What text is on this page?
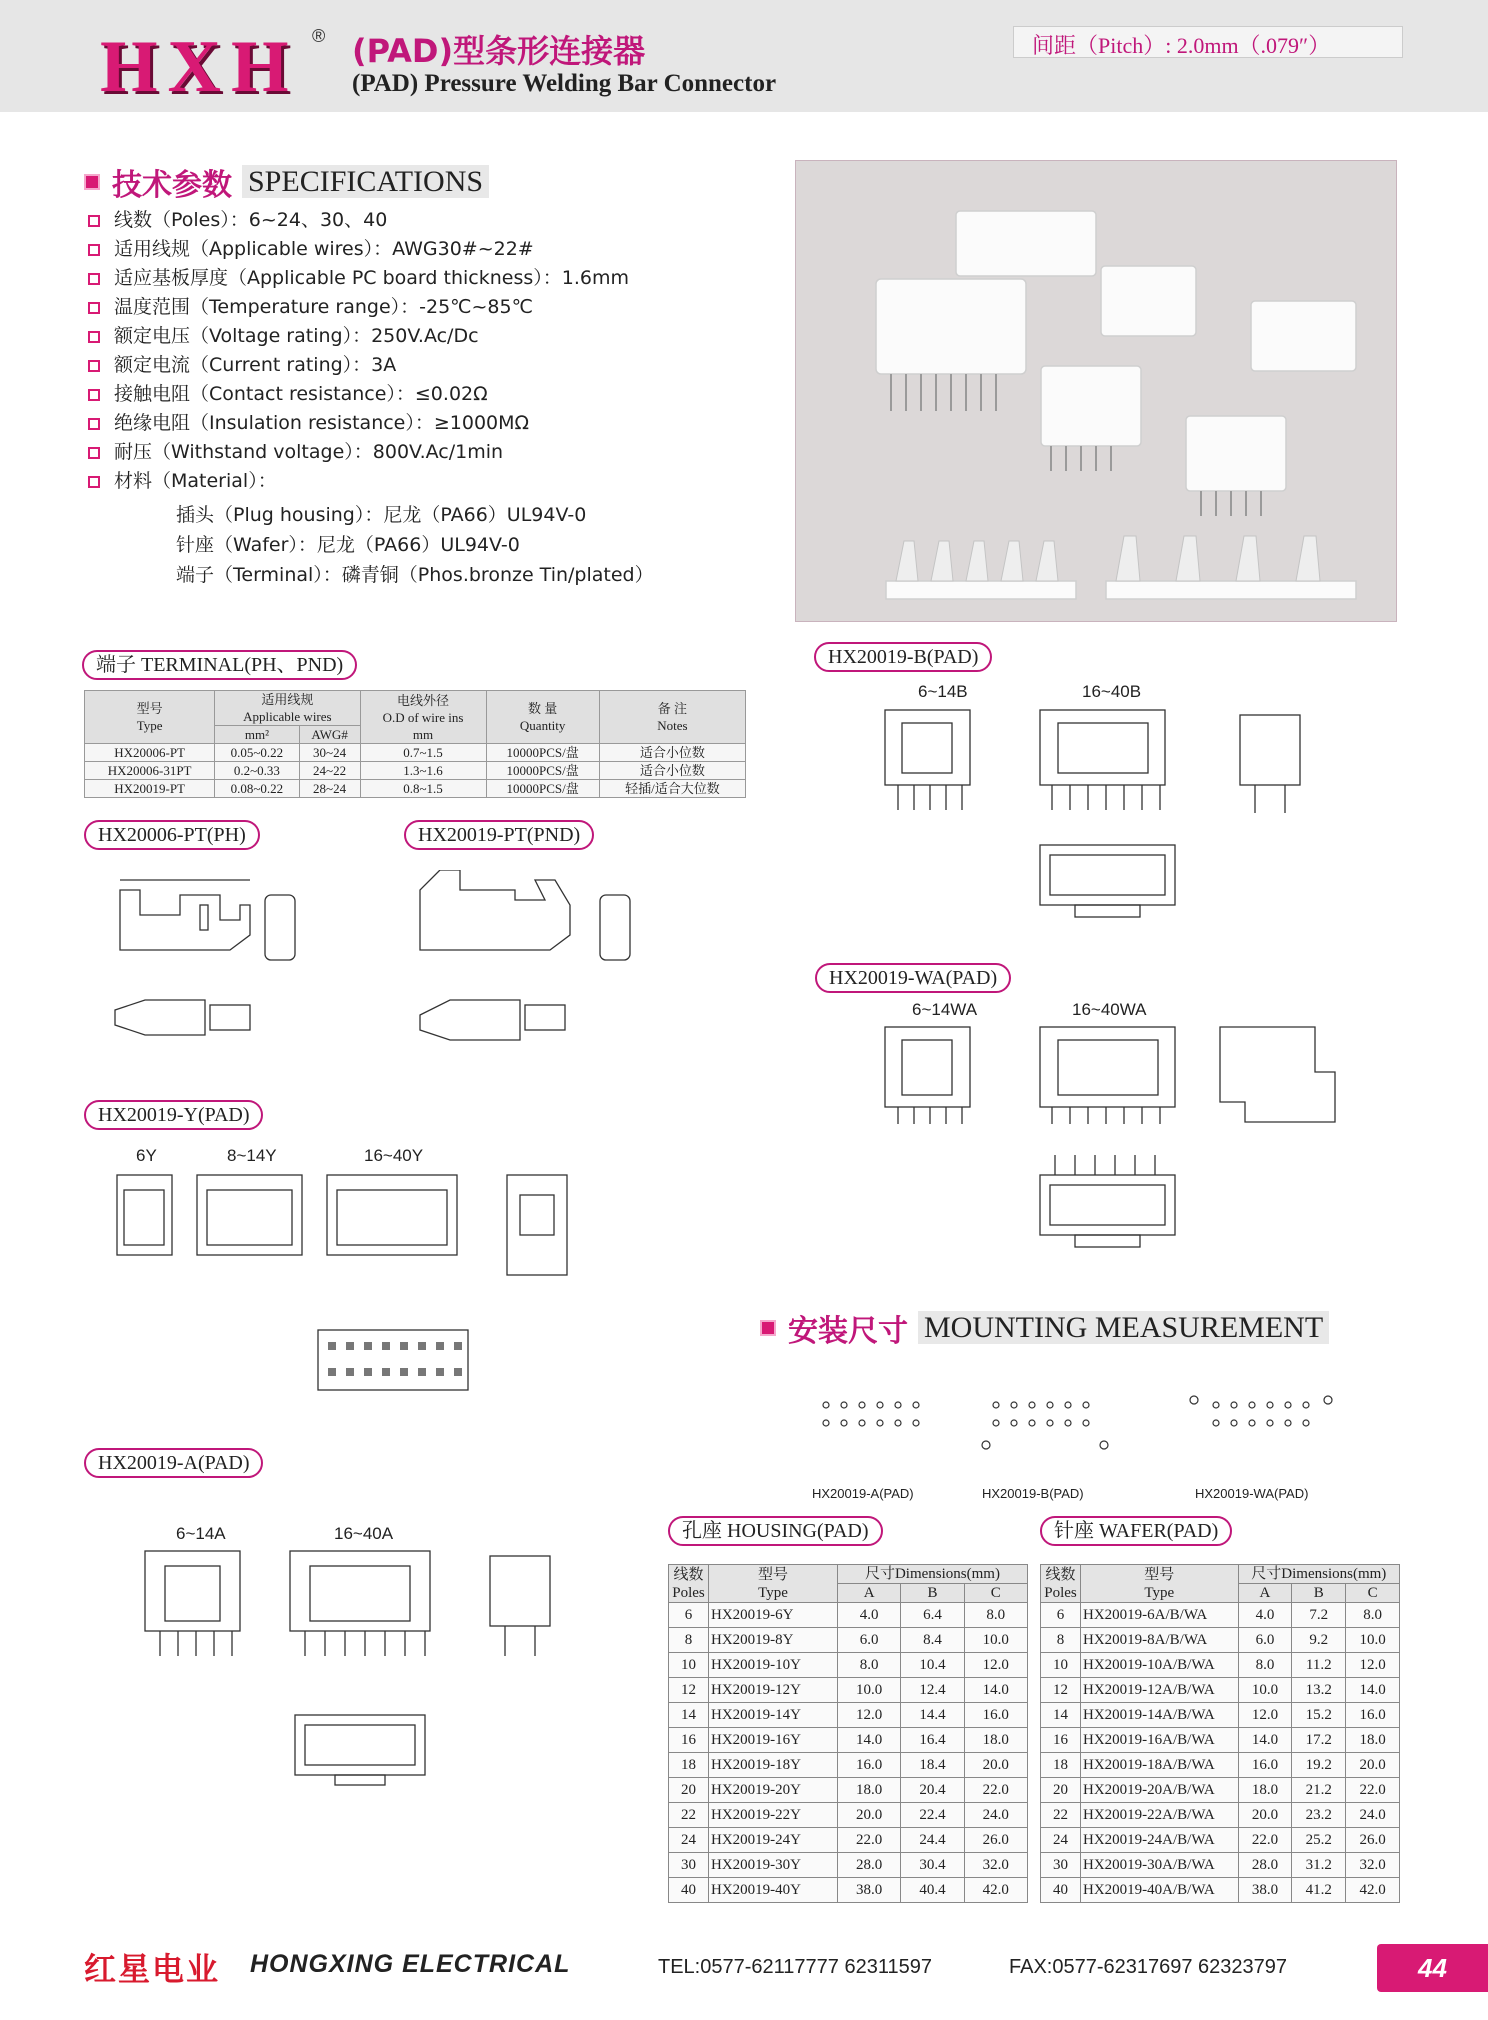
HXH ® (PAD)型条形连接器
(PAD) Pressure Welding Bar Connector
间距（Pitch）: 2.0mm（.079″）
技术参数 SPECIFICATIONS
线数（Poles）：6~24、30、40
适用线规（Applicable wires）：AWG30#~22#
适应基板厚度（Applicable PC board thickness）：1.6mm
温度范围（Temperature range）：-25℃~85℃
额定电压（Voltage rating）：250V.Ac/Dc
额定电流（Current rating）：3A
接触电阻（Contact resistance）：≤0.02Ω
绝缘电阻（Insulation resistance）：≥1000MΩ
耐压（Withstand voltage）：800V.Ac/1min
材料（Material）：
插头（Plug housing）：尼龙（PA66）UL94V-0
针座（Wafer）：尼龙（PA66）UL94V-0
端子（Terminal）：磷青铜（Phos.bronze Tin/plated）
端子 TERMINAL(PH、PND)
型号
Type	适用线规
Applicable wires		电线外径
O.D of wire ins
mm	数 量
Quantity	备 注
Notes
	mm²	AWG#			
HX20006-PT	0.05~0.22	30~24	0.7~1.5	10000PCS/盘	适合小位数
HX20006-31PT	0.2~0.33	24~22	1.3~1.6	10000PCS/盘	适合小位数
HX20019-PT	0.08~0.22	28~24	0.8~1.5	10000PCS/盘	轻插/适合大位数
HX20006-PT(PH)	HX20019-PT(PND)
HX20019-Y(PAD)
HX20019-A(PAD)
6Y	8~14Y	16~40Y
6~14A	16~40A
HX20019-B(PAD)
HX20019-WA(PAD)
6~14B	16~40B
6~14WA	16~40WA
安装尺寸 MOUNTING MEASUREMENT
HX20019-A(PAD)	HX20019-B(PAD)	HX20019-WA(PAD)
孔座 HOUSING(PAD)	针座 WAFER(PAD)
线数
Poles	型号
Type	尺寸Dimensions(mm)		
		A	B	C
6	HX20019-6Y	4.0	6.4	8.0
8	HX20019-8Y	6.0	8.4	10.0
10	HX20019-10Y	8.0	10.4	12.0
12	HX20019-12Y	10.0	12.4	14.0
14	HX20019-14Y	12.0	14.4	16.0
16	HX20019-16Y	14.0	16.4	18.0
18	HX20019-18Y	16.0	18.4	20.0
20	HX20019-20Y	18.0	20.4	22.0
22	HX20019-22Y	20.0	22.4	24.0
24	HX20019-24Y	22.0	24.4	26.0
30	HX20019-30Y	28.0	30.4	32.0
40	HX20019-40Y	38.0	40.4	42.0
线数
Poles	型号
Type	尺寸Dimensions(mm)		
		A	B	C
6	HX20019-6A/B/WA	4.0	7.2	8.0
8	HX20019-8A/B/WA	6.0	9.2	10.0
10	HX20019-10A/B/WA	8.0	11.2	12.0
12	HX20019-12A/B/WA	10.0	13.2	14.0
14	HX20019-14A/B/WA	12.0	15.2	16.0
16	HX20019-16A/B/WA	14.0	17.2	18.0
18	HX20019-18A/B/WA	16.0	19.2	20.0
20	HX20019-20A/B/WA	18.0	21.2	22.0
22	HX20019-22A/B/WA	20.0	23.2	24.0
24	HX20019-24A/B/WA	22.0	25.2	26.0
30	HX20019-30A/B/WA	28.0	31.2	32.0
40	HX20019-40A/B/WA	38.0	41.2	42.0
红星电业 HONGXING ELECTRICAL	TEL:0577-62117777 62311597	FAX:0577-62317697 62323797	44
